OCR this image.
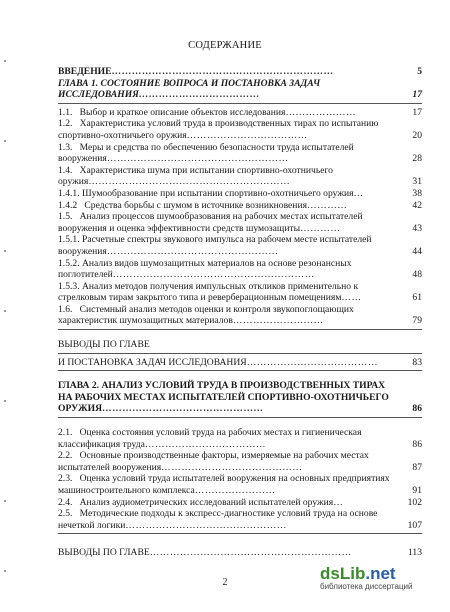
СОДЕРЖАНИЕ
ВВЕДЕНИЕ…………………………………………………………	5
ГЛАВА 1. СОСТОЯНИЕ ВОПРОСА И ПОСТАНОВКА ЗАДАЧ ИССЛЕДОВАНИЯ………………………………	17
1.1. Выбор и краткое описание объектов исследования…………………	17
1.2. Характеристика условий труда в производственных тирах по испытанию спортивно-охотничьего оружия………………………………	20
1.3. Меры и средства по обеспечению безопасности труда испытателей вооружения………………………………………………	28
1.4. Характеристика шума при испытании спортивно-охотничьего оружия……………………………………………………	31
1.4.1. Шумообразование при испытании спортивно-охотничьего оружия…	38
1.4.2 Средства борьбы с шумом в источнике возникновения…………	42
1.5. Анализ процессов шумообразования на рабочих местах испытателей вооружения и оценка эффективности средств шумозащиты…………	43
1.5.1. Расчетные спектры звукового импульса на рабочем месте испытателей вооружения……………………………………………	44
1.5.2. Анализ видов шумозащитных материалов на основе резонансных поглотителей……………………………………………………	48
1.5.3. Анализ методов получения импульсных откликов применительно к стрелковым тирам закрытого типа и реверберационным помещениям……	61
1.6. Системный анализ методов оценки и контроля звукопоглощающих характеристик шумозащитных материалов………………………	79
ВЫВОДЫ ПО ГЛАВЕ
И ПОСТАНОВКА ЗАДАЧ ИССЛЕДОВАНИЯ…………………………………	83
ГЛАВА 2. АНАЛИЗ УСЛОВИЙ ТРУДА В ПРОИЗВОДСТВЕННЫХ ТИРАХ НА РАБОЧИХ МЕСТАХ ИСПЫТАТЕЛЕЙ СПОРТИВНО-ОХОТНИЧЬЕГО ОРУЖИЯ…………………………………………	86
2.1. Оценка состояния условий труда на рабочих местах и гигиеническая классификация труда………………………………	86
2.2. Основные производственные факторы, измеряемые на рабочих местах испытателей вооружения……………………………………	87
2.3. Оценка условий труда испытателей вооружения на основных предприятиях машиностроительного комплекса……………………	91
2.4. Анализ аудиометрических исследований испытателей оружия…	102
2.5. Методические подходы к экспресс-диагностике условий труда на основе нечеткой логики…………………………………………	107
ВЫВОДЫ ПО ГЛАВЕ……………………………………………………	113
2	dsLib.net
библиотека диссертаций
